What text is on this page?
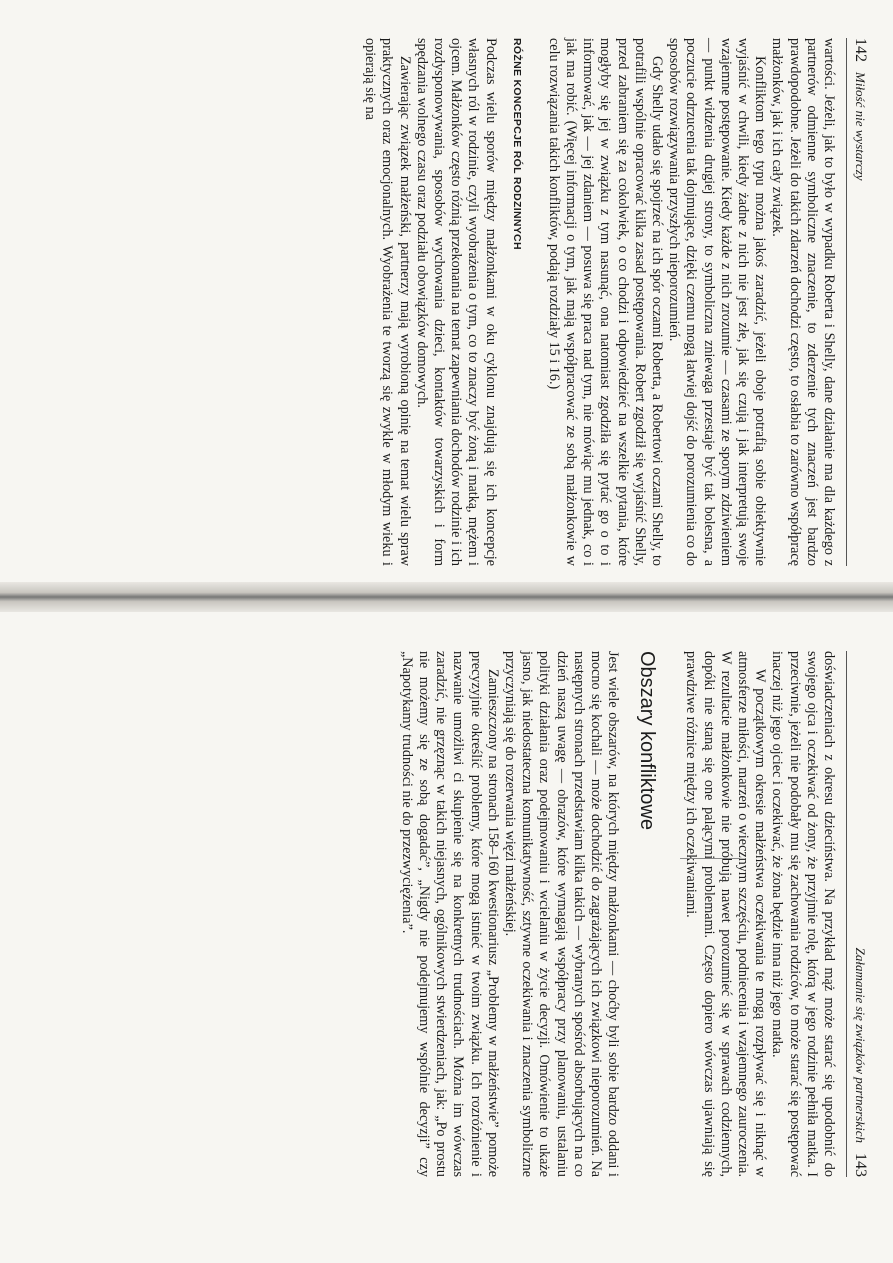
142
Miłość nie wystarczy

wartości. Jeżeli, jak to było w wypadku Roberta i Shelly, dane działanie ma dla każdego z partnerów odmienne symboliczne znaczenie, to zderzenie tych znaczeń jest bardzo prawdopodobne. Jeżeli do takich zdarzeń dochodzi często, to osłabia to zarówno współpracę małżonków, jak i ich cały związek.

Konfliktom tego typu można jakoś zaradzić, jeżeli oboje potrafią sobie obiektywnie wyjaśnić w chwili, kiedy żadne z nich nie jest złe, jak się czują i jak interpretują swoje wzajemne postępowanie. Kiedy każde z nich zrozumie — czasami ze sporym zdziwieniem — punkt widzenia drugiej strony, to symboliczna zniewaga przestaje być tak bolesna, a poczucie odrzucenia tak dojmujące, dzięki czemu mogą łatwiej dojść do porozumienia co do sposobów rozwiązywania przyszłych nieporozumień.

Gdy Shelly udało się spojrzeć na ich spór oczami Roberta, a Robertowi oczami Shelly, to potrafili wspólnie opracować kilka zasad postępowania. Robert zgodził się wyjaśnić Shelly, przed zabraniem się za cokolwiek, o co chodzi i odpowiedzieć na wszelkie pytania, które mogłyby się jej w związku z tym nasunąć, ona natomiast zgodziła się pytać go o to i informować, jak — jej zdaniem — posuwa się praca nad tym, nie mówiąc mu jednak, co i jak ma robić. (Więcej informacji o tym, jak mają współpracować ze sobą małżonkowie w celu rozwiązania takich konfliktów, podają rozdziały 15 i 16.)

RÓŻNE KONCEPCJE RÓL RODZINNYCH

Podczas wielu sporów między małżonkami w oku cyklonu znajdują się ich koncepcje własnych ról w rodzinie, czyli wyobrażenia o tym, co to znaczy być żoną i matką, mężem i ojcem. Małżonków często różnią przekonania na temat zapewniania dochodów rodzinie i ich rozdysponowywania, sposobów wychowania dzieci, kontaktów towarzyskich i form spędzania wolnego czasu oraz podziału obowiązków domowych.

Zawierając związek małżeński, partnerzy mają wyrobioną opinię na temat wielu spraw praktycznych oraz emocjonalnych. Wyobrażenia te tworzą się zwykle w młodym wieku i opierają się na

Załamanie się związków partnerskich
143

doświadczeniach z okresu dzieciństwa. Na przykład mąż może starać się upodobnić do swojego ojca i oczekiwać od żony, że przyjmie rolę, którą w jego rodzinie pełniła matka. I przeciwnie, jeżeli nie podobały mu się zachowania rodziców, to może starać się postępować inaczej niż jego ojciec i oczekiwać, że żona będzie inna niż jego matka.

W początkowym okresie małżeństwa oczekiwania te mogą rozpływać się i niknąć w atmosferze miłości, marzeń o wiecznym szczęściu, podniecenia i wzajemnego zauroczenia. W rezultacie małżonkowie nie próbują nawet porozumieć się w sprawach codziennych, dopóki nie staną się one palącymi problemami. Często dopiero wówczas ujawniają się prawdziwe różnice między ich oczekiwaniami.

Obszary konfliktowe

Jest wiele obszarów, na których między małżonkami — choćby byli sobie bardzo oddani i mocno się kochali — może dochodzić do zagrażających ich związkowi nieporozumień. Na następnych stronach przedstawiam kilka takich — wybranych spośród absorbujących na co dzień naszą uwagę — obrazów, które wymagają współpracy przy planowaniu, ustalaniu polityki działania oraz podejmowaniu i wcielaniu w życie decyzji. Omówienie to ukaże jasno, jak niedostateczna komunikatywność, sztywne oczekiwania i znaczenia symboliczne przyczyniają się do rozerwania więzi małżeńskiej.

Zamieszczony na stronach 158–160 kwestionariusz „Problemy w małżeństwie” pomoże precyzyjnie określić problemy, które mogą istnieć w twoim związku. Ich rozróżnienie i nazwanie umożliwi ci skupienie się na konkretnych trudnościach. Można im wówczas zaradzić, nie grzęznąc w takich niejasnych, ogólnikowych stwierdzeniach, jak: „Po prostu nie możemy się ze sobą dogadać”, „Nigdy nie podejmujemy wspólnie decyzji” czy „Napotykamy trudności nie do przezwyciężenia”.
